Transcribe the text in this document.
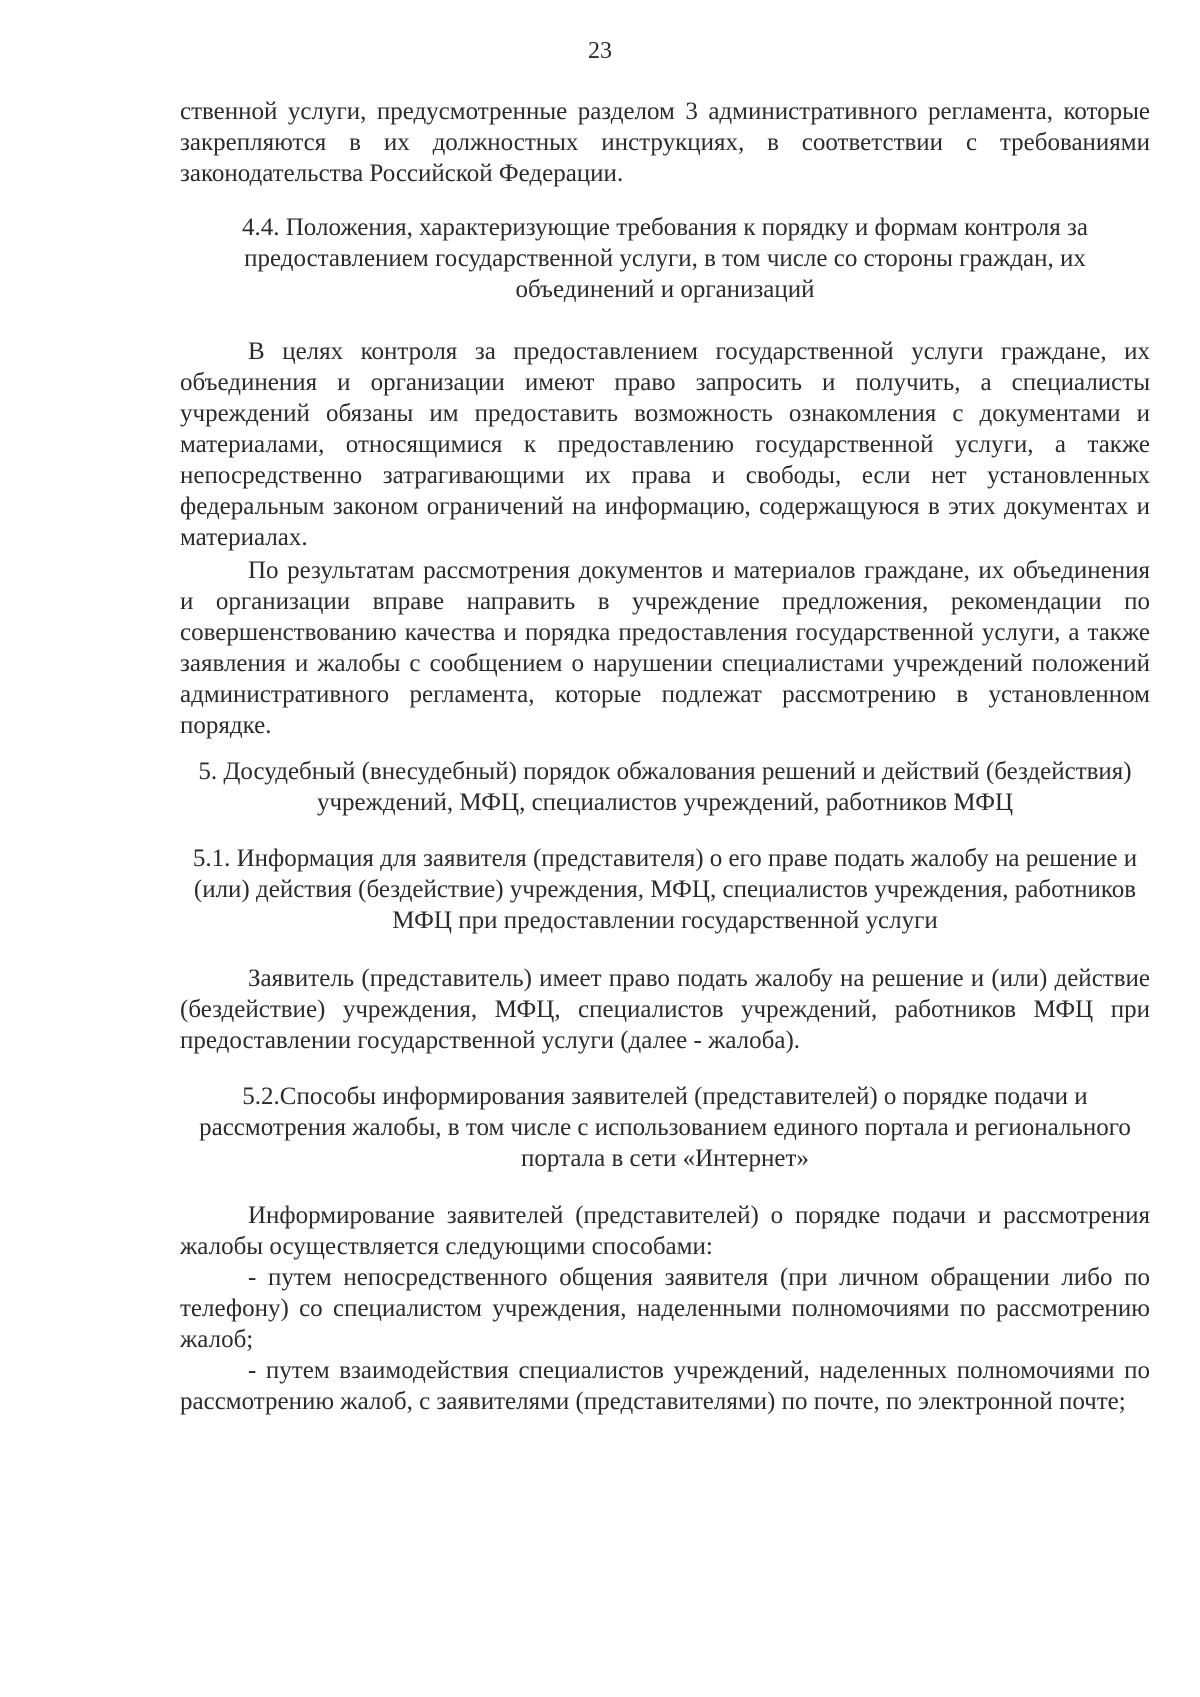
23
ственной услуги, предусмотренные разделом 3 административного регламента, которые закрепляются в их должностных инструкциях, в соответствии с требованиями законодательства Российской Федерации.
4.4. Положения, характеризующие требования к порядку и формам контроля за предоставлением государственной услуги, в том числе со стороны граждан, их объединений и организаций
В целях контроля за предоставлением государственной услуги граждане, их объединения и организации имеют право запросить и получить, а специалисты учреждений обязаны им предоставить возможность ознакомления с документами и материалами, относящимися к предоставлению государственной услуги, а также непосредственно затрагивающими их права и свободы, если нет установленных федеральным законом ограничений на информацию, содержащуюся в этих документах и материалах.
По результатам рассмотрения документов и материалов граждане, их объединения и организации вправе направить в учреждение предложения, рекомендации по совершенствованию качества и порядка предоставления государственной услуги, а также заявления и жалобы с сообщением о нарушении специалистами учреждений положений административного регламента, которые подлежат рассмотрению в установленном порядке.
5. Досудебный (внесудебный) порядок обжалования решений и действий (бездействия) учреждений, МФЦ, специалистов учреждений, работников МФЦ
5.1. Информация для заявителя (представителя) о его праве подать жалобу на решение и (или) действия (бездействие) учреждения, МФЦ, специалистов учреждения, работников МФЦ при предоставлении государственной услуги
Заявитель (представитель) имеет право подать жалобу на решение и (или) действие (бездействие) учреждения, МФЦ, специалистов учреждений, работников МФЦ при предоставлении государственной услуги (далее - жалоба).
5.2.Способы информирования заявителей (представителей) о порядке подачи и рассмотрения жалобы, в том числе с использованием единого портала и регионального портала в сети «Интернет»
Информирование заявителей (представителей) о порядке подачи и рассмотрения жалобы осуществляется следующими способами:
- путем непосредственного общения заявителя (при личном обращении либо по телефону) со специалистом учреждения, наделенными полномочиями по рассмотрению жалоб;
- путем взаимодействия специалистов учреждений, наделенных полномочиями по рассмотрению жалоб, с заявителями (представителями) по почте, по электронной почте;
